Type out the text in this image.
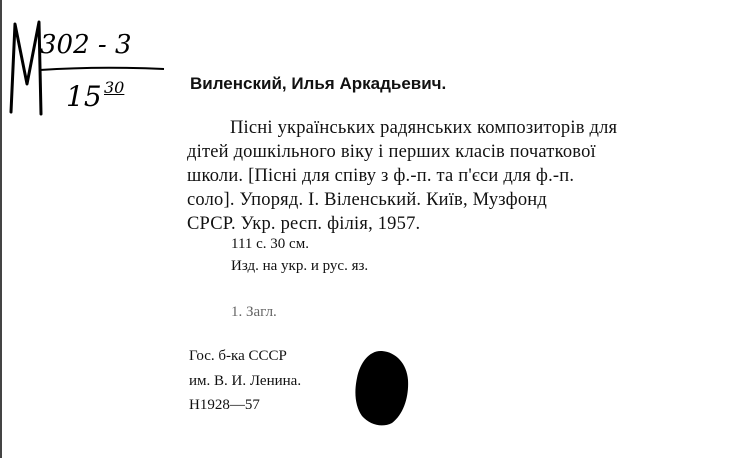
302 - 3
15 30	Виленский, Илья Аркадьевич.
Пісні українських радянських композиторів для
дітей дошкільного віку і перших класів початкової
школи. [Пісні для співу з ф.-п. та п'єси для ф.-п.
соло]. Упоряд. І. Віленський. Київ, Музфонд
СРСР. Укр. респ. філія, 1957.
111 с. 30 см.
Изд. на укр. и рус. яз.
1. Загл.
Гос. б-ка СССР
им. В. И. Ленина.
Н1928—57
